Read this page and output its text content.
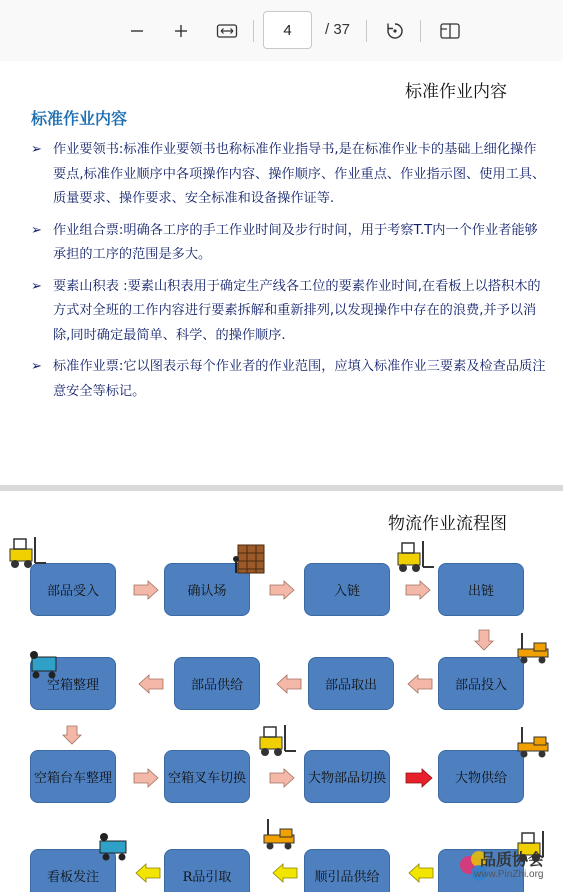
4	/ 37
标准作业内容
标准作业内容
➢ 作业要领书:标准作业要领书也称标准作业指导书,是在标准作业卡的基础上细化操作要点,标准作业顺序中各项操作内容、操作顺序、作业重点、作业指示图、使用工具、质量要求、操作要求、安全标准和设备操作证等.
➢ 作业组合票:明确各工序的手工作业时间及步行时间，用于考察T.T内一个作业者能够承担的工序的范围是多大。
➢ 要素山积表 :要素山积表用于确定生产线各工位的要素作业时间,在看板上以搭积木的方式对全班的工作内容进行要素拆解和重新排列,以发现操作中存在的浪费,并予以消除,同时确定最简单、科学、的操作顺序.
➢ 标准作业票:它以图表示每个作业者的作业范围，应填入标准作业三要素及检查品质注意安全等标记。
物流作业流程图
部品受入	确认场	入链	出链
空箱整理	部品供给	部品取出	部品投入
空箱台车整理	空箱叉车切换	大物部品切换	大物供给
看板发注	R品引取	顺引品供给
品质协会
www.PinZhi.org
